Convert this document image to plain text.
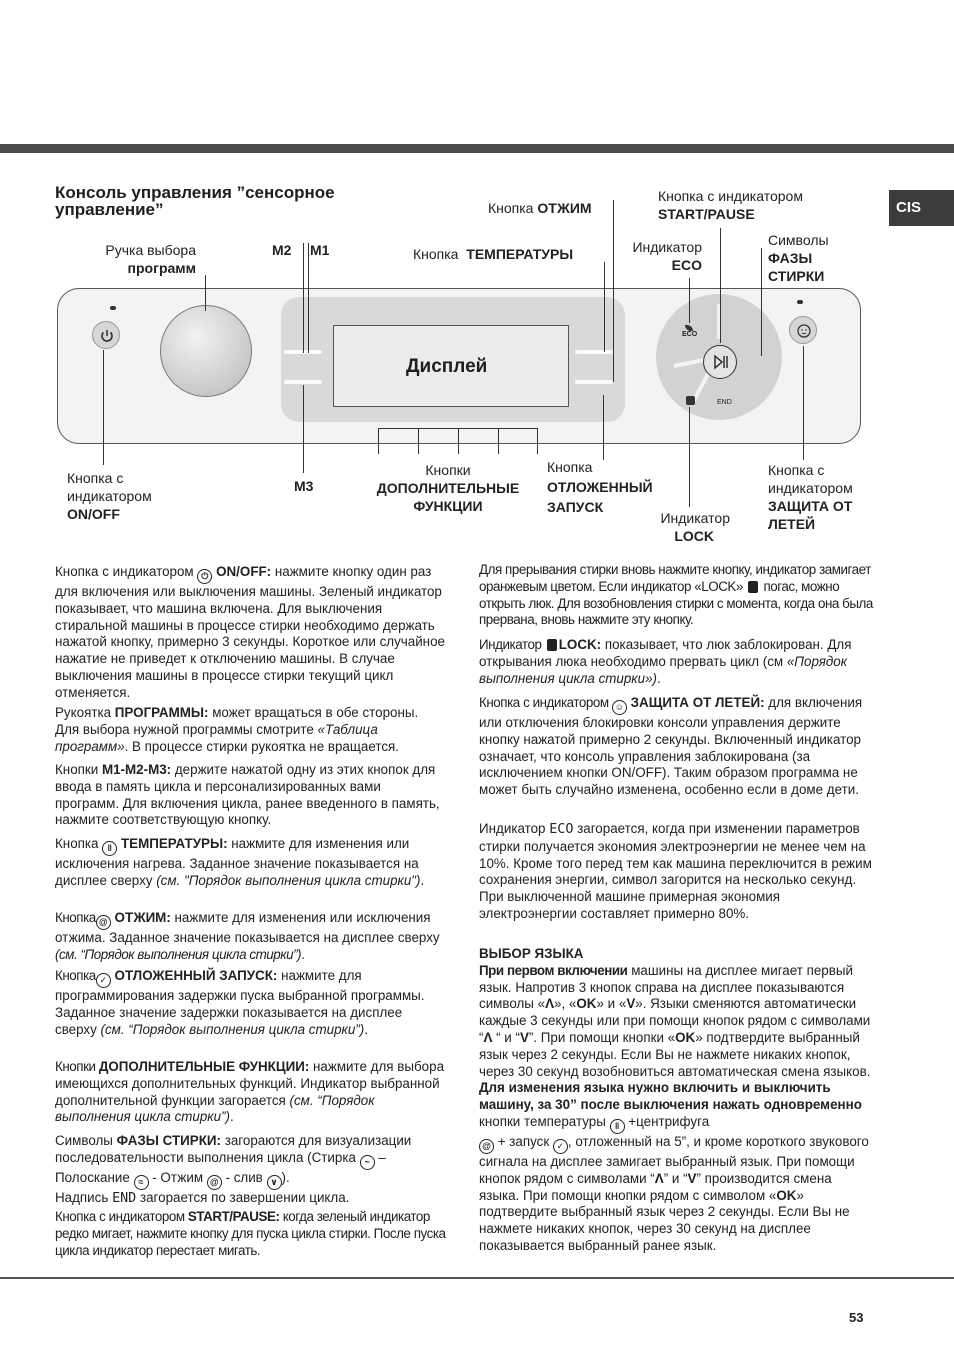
CIS
Консоль управления ”сенсорное управление”
Дисплей
ECO
END
Ручка выбора
программ
M2 M1
M3
Кнопка ОТЖИМ
Кнопка ТЕМПЕРАТУРЫ
Кнопка с индикатором
START/PAUSE
Индикатор
ECO
Символы
ФАЗЫ
СТИРКИ
Кнопка с
индикатором
ON/OFF
Кнопки
ДОПОЛНИТЕЛЬНЫЕ
ФУНКЦИИ
Кнопка
ОТЛОЖЕННЫЙ
ЗАПУСК
Индикатор
LOCK
Кнопка с
индикатором
ЗАЩИТА ОТ
ЛЕТЕЙ
Кнопка с индикатором ⏻ ON/OFF: нажмите кнопку один раз для включения или выключения машины. Зеленый индикатор показывает, что машина включена. Для выключения стиральной машины в процессе стирки необходимо держать нажатой кнопку, примерно 3 секунды. Короткое или случайное нажатие не приведет к отключению машины. В случае выключения машины в процессе стирки текущий цикл отменяется.
Рукоятка ПРОГРАММЫ: может вращаться в обе стороны. Для выбора нужной программы смотрите «Таблица программ». В процессе стирки рукоятка не вращается.
Кнопки M1-M2-M3: держите нажатой одну из этих кнопок для ввода в память цикла и персонализированных вами программ. Для включения цикла, ранее введенного в память, нажмите соответствующую кнопку.
Кнопка ǁ ТЕМПЕРАТУРЫ: нажмите для изменения или исключения нагрева. Заданное значение показывается на дисплее сверху (см. "Порядок выполнения цикла стирки").
Кнопка @ ОТЖИМ: нажмите для изменения или исключения отжима. Заданное значение показывается на дисплее сверху (см. “Порядок выполнения цикла стирки”).
Кнопка ✓ ОТЛОЖЕННЫЙ ЗАПУСК: нажмите для программирования задержки пуска выбранной программы. Заданное значение задержки показывается на дисплее сверху (см. “Порядок выполнения цикла стирки”).
Кнопки ДОПОЛНИТЕЛЬНЫЕ ФУНКЦИИ: нажмите для выбора имеющихся дополнительных функций. Индикатор выбранной дополнительной функции загорается (см. “Порядок выполнения цикла стирки”).
Символы ФАЗЫ СТИРКИ: загораются для визуализации последовательности выполнения цикла (Стирка ~ – Полоскание ≈ - Отжим @ - слив ∨ ).
Надпись END загорается по завершении цикла.
Кнопка с индикатором START/PAUSE: когда зеленый индикатор редко мигает, нажмите кнопку для пуска цикла стирки. После пуска цикла индикатор перестает мигать.
Для прерывания стирки вновь нажмите кнопку, индикатор замигает оранжевым цветом. Если индикатор «LOCK»  погас, можно открыть люк. Для возобновления стирки с момента, когда она была прервана, вновь нажмите эту кнопку.
Индикатор LOCK: показывает, что люк заблокирован. Для открывания люка необходимо прервать цикл (см «Порядок выполнения цикла стирки»).
Кнопка с индикатором ☺ ЗАЩИТА ОТ ЛЕТЕЙ: для включения или отключения блокировки консоли управления держите кнопку нажатой примерно 2 секунды. Включенный индикатор означает, что консоль управления заблокирована (за исключением кнопки ON/OFF). Таким образом программа не может быть случайно изменена, особенно если в доме дети.
Индикатор ECO загорается, когда при изменении параметров стирки получается экономия электроэнергии не менее чем на 10%. Кроме того перед тем как машина переключится в режим сохранения энергии, символ загорится на несколько секунд. При выключенной машине примерная экономия электроэнергии составляет примерно 80%.
ВЫБОР ЯЗЫКА
При первом включении машины на дисплее мигает первый язык. Напротив 3 кнопок справа на дисплее показываются символы «Λ», «OK» и «V». Языки сменяются автоматически каждые 3 секунды или при помощи кнопок рядом с символами “Λ “ и “V”. При помощи кнопки «OK» подтвердите выбранный язык через 2 секунды. Если Вы не нажмете никаких кнопок, через 30 секунд возобновиться автоматическая смена языков.
Для изменения языка нужно включить и выключить машину, за 30” после выключения нажать одновременно кнопки температуры ǁ +центрифуга
@ + запуск ✓ , отложенный на 5”, и кроме короткого звукового сигнала на дисплее замигает выбранный язык. При помощи кнопок рядом с символами “Λ” и “V” производится смена языка. При помощи кнопки рядом с символом «OK» подтвердите выбранный язык через 2 секунды. Если Вы не нажмете никаких кнопок, через 30 секунд на дисплее показывается выбранный ранее язык.
53
